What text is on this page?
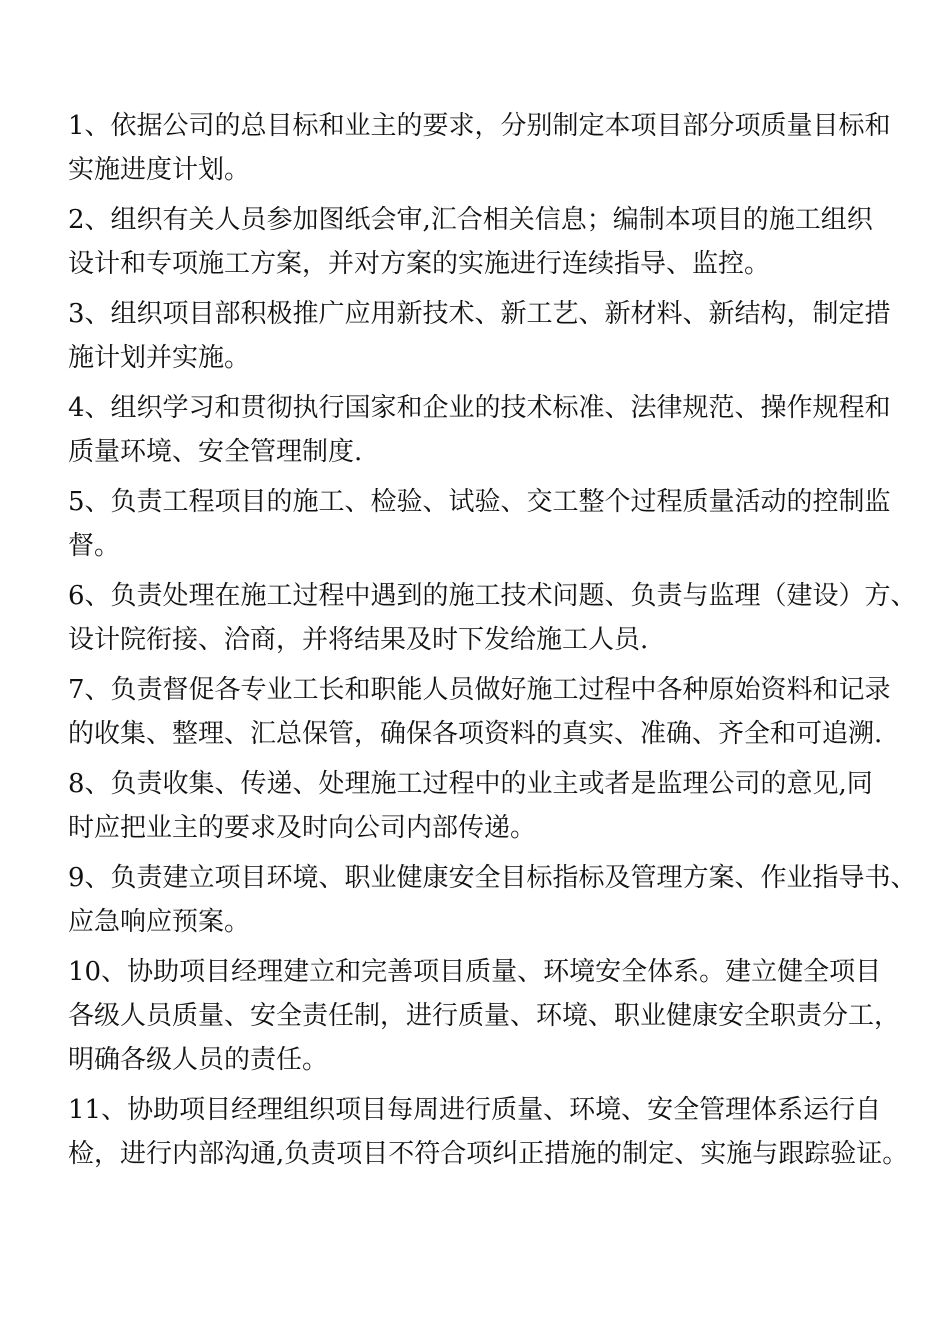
1、依据公司的总目标和业主的要求，分别制定本项目部分项质量目标和
实施进度计划。
2、组织有关人员参加图纸会审,汇合相关信息；编制本项目的施工组织
设计和专项施工方案，并对方案的实施进行连续指导、监控。
3、组织项目部积极推广应用新技术、新工艺、新材料、新结构，制定措
施计划并实施。
4、组织学习和贯彻执行国家和企业的技术标准、法律规范、操作规程和
质量环境、安全管理制度.
5、负责工程项目的施工、检验、试验、交工整个过程质量活动的控制监
督。
6、负责处理在施工过程中遇到的施工技术问题、负责与监理（建设）方、
设计院衔接、洽商，并将结果及时下发给施工人员.
7、负责督促各专业工长和职能人员做好施工过程中各种原始资料和记录
的收集、整理、汇总保管，确保各项资料的真实、准确、齐全和可追溯.
8、负责收集、传递、处理施工过程中的业主或者是监理公司的意见,同
时应把业主的要求及时向公司内部传递。
9、负责建立项目环境、职业健康安全目标指标及管理方案、作业指导书、
应急响应预案。
10、协助项目经理建立和完善项目质量、环境安全体系。建立健全项目
各级人员质量、安全责任制，进行质量、环境、职业健康安全职责分工，
明确各级人员的责任。
11、协助项目经理组织项目每周进行质量、环境、安全管理体系运行自
检，进行内部沟通,负责项目不符合项纠正措施的制定、实施与跟踪验证。
